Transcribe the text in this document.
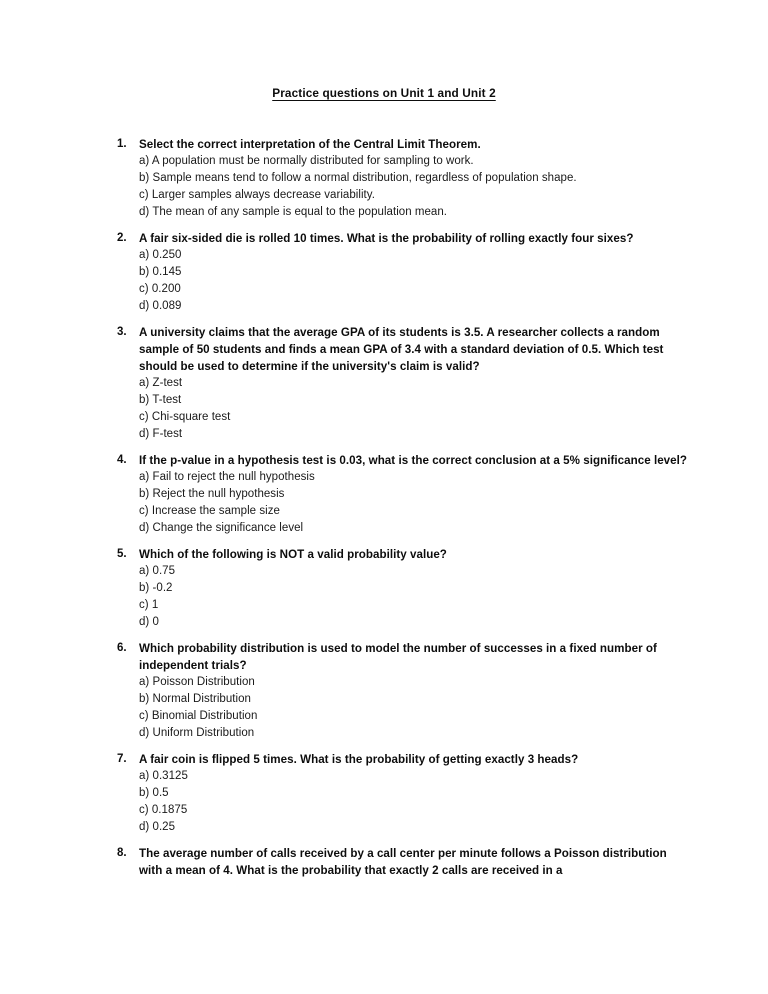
Practice questions on Unit 1 and Unit 2
1.	Select the correct interpretation of the Central Limit Theorem.

a) A population must be normally distributed for sampling to work.
b) Sample means tend to follow a normal distribution, regardless of population shape.
c) Larger samples always decrease variability.
d) The mean of any sample is equal to the population mean.
2.	A fair six-sided die is rolled 10 times. What is the probability of rolling exactly four sixes?

a) 0.250
b) 0.145
c) 0.200
d) 0.089
3.	A university claims that the average GPA of its students is 3.5. A researcher collects a random sample of 50 students and finds a mean GPA of 3.4 with a standard deviation of 0.5. Which test should be used to determine if the university's claim is valid?

a) Z-test
b) T-test
c) Chi-square test
d) F-test
4.	If the p-value in a hypothesis test is 0.03, what is the correct conclusion at a 5% significance level?

a) Fail to reject the null hypothesis
b) Reject the null hypothesis
c) Increase the sample size
d) Change the significance level
5.	Which of the following is NOT a valid probability value?

a) 0.75
b) -0.2
c) 1
d) 0
6.	Which probability distribution is used to model the number of successes in a fixed number of independent trials?

a) Poisson Distribution
b) Normal Distribution
c) Binomial Distribution
d) Uniform Distribution
7.	A fair coin is flipped 5 times. What is the probability of getting exactly 3 heads?

a) 0.3125
b) 0.5
c) 0.1875
d) 0.25
8.	The average number of calls received by a call center per minute follows a Poisson distribution with a mean of 4. What is the probability that exactly 2 calls are received in a
